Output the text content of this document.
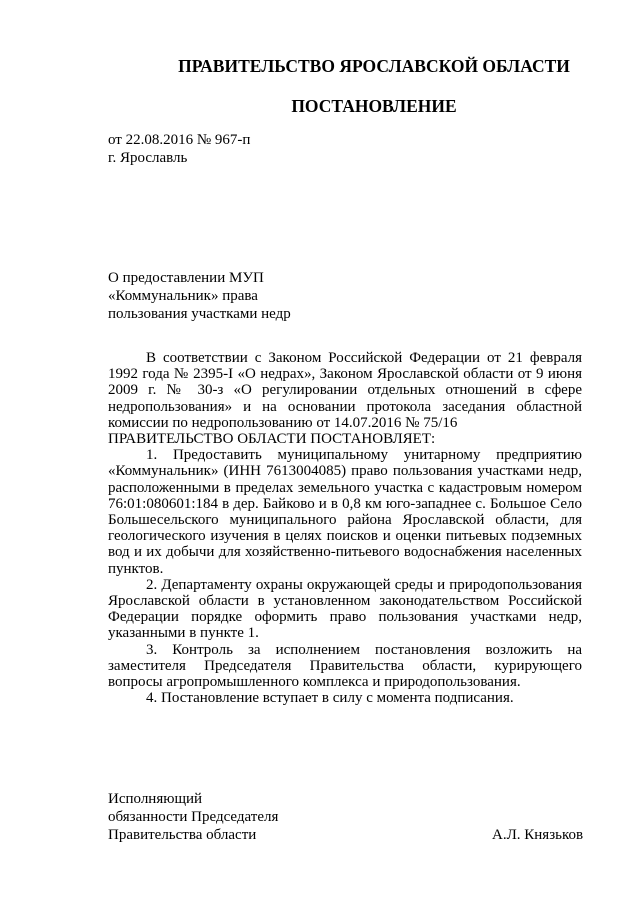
ПРАВИТЕЛЬСТВО ЯРОСЛАВСКОЙ ОБЛАСТИ
ПОСТАНОВЛЕНИЕ
от 22.08.2016 № 967-п
г. Ярославль
О предоставлении МУП
«Коммунальник» права
пользования участками недр

В соответствии с Законом Российской Федерации от 21 февраля 1992 года № 2395-I «О недрах», Законом Ярославской области от 9 июня 2009 г. № 30-з «О регулировании отдельных отношений в сфере недропользования» и на основании протокола заседания областной комиссии по недропользованию от 14.07.2016 № 75/16

ПРАВИТЕЛЬСТВО ОБЛАСТИ ПОСТАНОВЛЯЕТ:

1. Предоставить муниципальному унитарному предприятию «Коммунальник» (ИНН 7613004085) право пользования участками недр, расположенными в пределах земельного участка с кадастровым номером 76:01:080601:184 в дер. Байково и в 0,8 км юго-западнее с. Большое Село Большесельского муниципального района Ярославской области, для геологического изучения в целях поисков и оценки питьевых подземных вод и их добычи для хозяйственно-питьевого водоснабжения населенных пунктов.

2. Департаменту охраны окружающей среды и природопользования Ярославской области в установленном законодательством Российской Федерации порядке оформить право пользования участками недр, указанными в пункте 1.

3. Контроль за исполнением постановления возложить на заместителя Председателя Правительства области, курирующего вопросы агропромышленного комплекса и природопользования.

4. Постановление вступает в силу с момента подписания.

Исполняющий
обязанности Председателя
Правительства области	А.Л. Князьков
